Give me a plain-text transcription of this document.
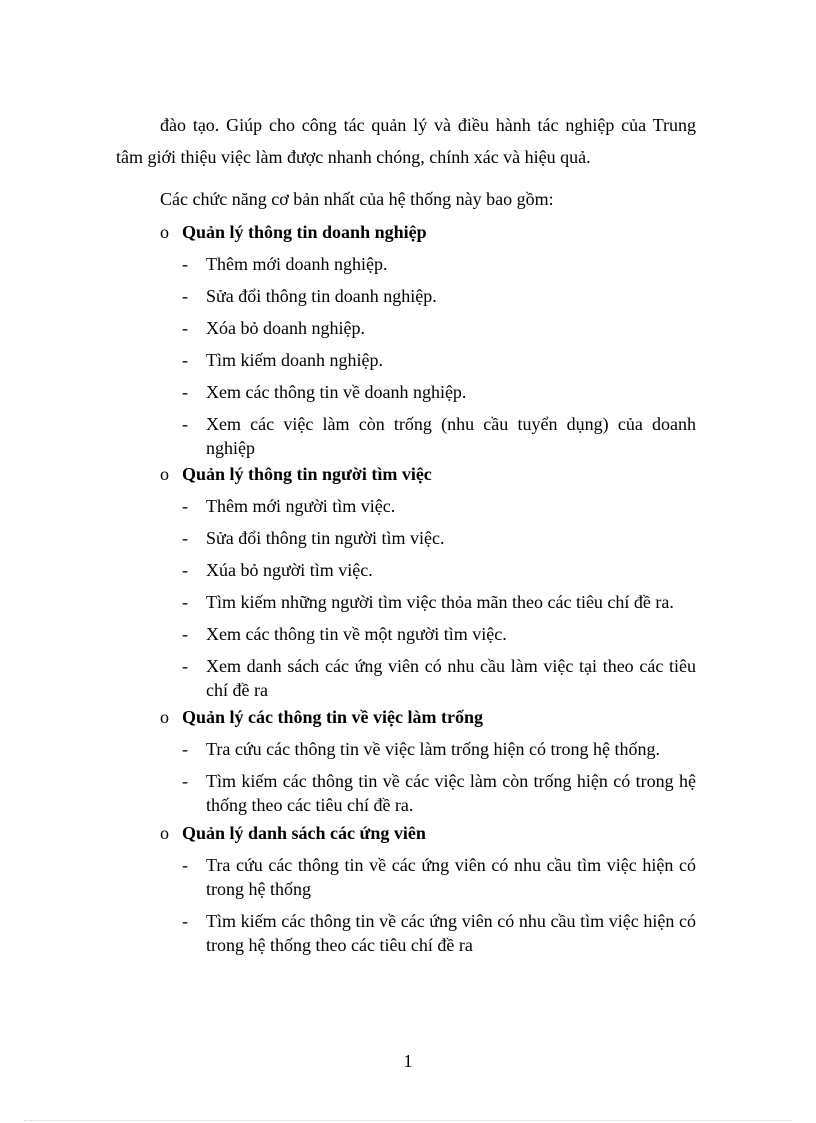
đào tạo. Giúp cho công tác quản lý và điều hành tác nghiệp của Trung
tâm giới thiệu việc làm được nhanh chóng, chính xác và hiệu quả.
Các chức năng cơ bản nhất của hệ thống này bao gồm:
o Quản lý thông tin doanh nghiệp
- Thêm mới doanh nghiệp.
- Sửa đổi thông tin doanh nghiệp.
- Xóa bỏ doanh nghiệp.
- Tìm kiếm doanh nghiệp.
- Xem các thông tin về doanh nghiệp.
- Xem các việc làm còn trống (nhu cầu tuyển dụng) của doanh nghiệp
o Quản lý thông tin người tìm việc
- Thêm mới người tìm việc.
- Sửa đổi thông tin người tìm việc.
- Xúa bỏ người tìm việc.
- Tìm kiếm những người tìm việc thỏa mãn theo các tiêu chí đề ra.
- Xem các thông tin về một người tìm việc.
- Xem danh sách các ứng viên có nhu cầu làm việc tại theo các tiêu chí đề ra
o Quản lý các thông tin về việc làm trống
- Tra cứu các thông tin về việc làm trống hiện có trong hệ thống.
- Tìm kiếm các thông tin về các việc làm còn trống hiện có trong hệ thống theo các tiêu chí đề ra.
o Quản lý danh sách các ứng viên
- Tra cứu các thông tin về các ứng viên có nhu cầu tìm việc hiện có trong hệ thống
- Tìm kiếm các thông tin về các ứng viên có nhu cầu tìm việc hiện có trong hệ thống theo các tiêu chí đề ra
1
